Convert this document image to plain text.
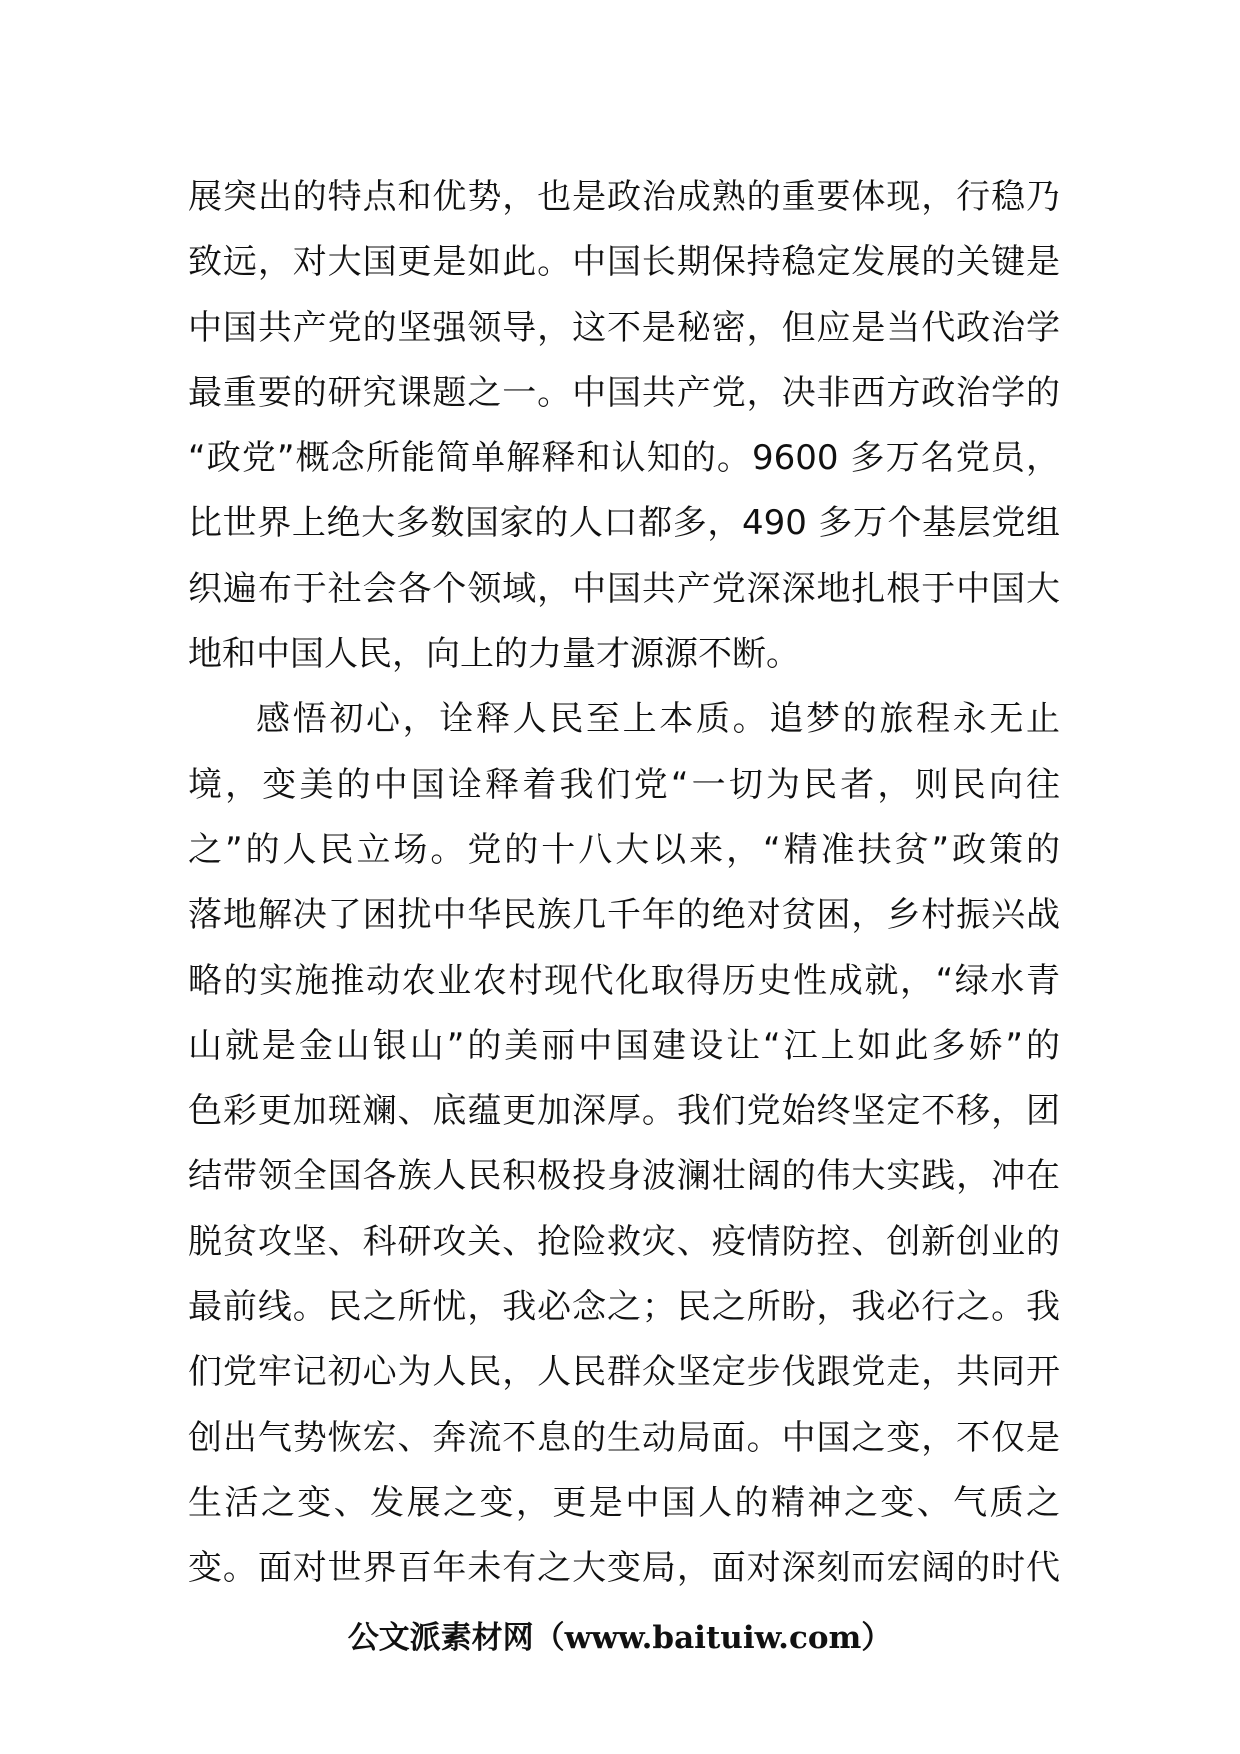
展突出的特点和优势，也是政治成熟的重要体现，行稳乃
致远，对大国更是如此。中国长期保持稳定发展的关键是
中国共产党的坚强领导，这不是秘密，但应是当代政治学
最重要的研究课题之一。中国共产党，决非西方政治学的
“政党”概念所能简单解释和认知的。9600 多万名党员，
比世界上绝大多数国家的人口都多，490 多万个基层党组
织遍布于社会各个领域，中国共产党深深地扎根于中国大
地和中国人民，向上的力量才源源不断。
感悟初心，诠释人民至上本质。追梦的旅程永无止
境，变美的中国诠释着我们党“一切为民者，则民向往
之”的人民立场。党的十八大以来，“精准扶贫”政策的
落地解决了困扰中华民族几千年的绝对贫困，乡村振兴战
略的实施推动农业农村现代化取得历史性成就，“绿水青
山就是金山银山”的美丽中国建设让“江上如此多娇”的
色彩更加斑斓、底蕴更加深厚。我们党始终坚定不移，团
结带领全国各族人民积极投身波澜壮阔的伟大实践，冲在
脱贫攻坚、科研攻关、抢险救灾、疫情防控、创新创业的
最前线。民之所忧，我必念之；民之所盼，我必行之。我
们党牢记初心为人民，人民群众坚定步伐跟党走，共同开
创出气势恢宏、奔流不息的生动局面。中国之变，不仅是
生活之变、发展之变，更是中国人的精神之变、气质之
变。面对世界百年未有之大变局，面对深刻而宏阔的时代
公文派素材网（www.baituiw.com）
